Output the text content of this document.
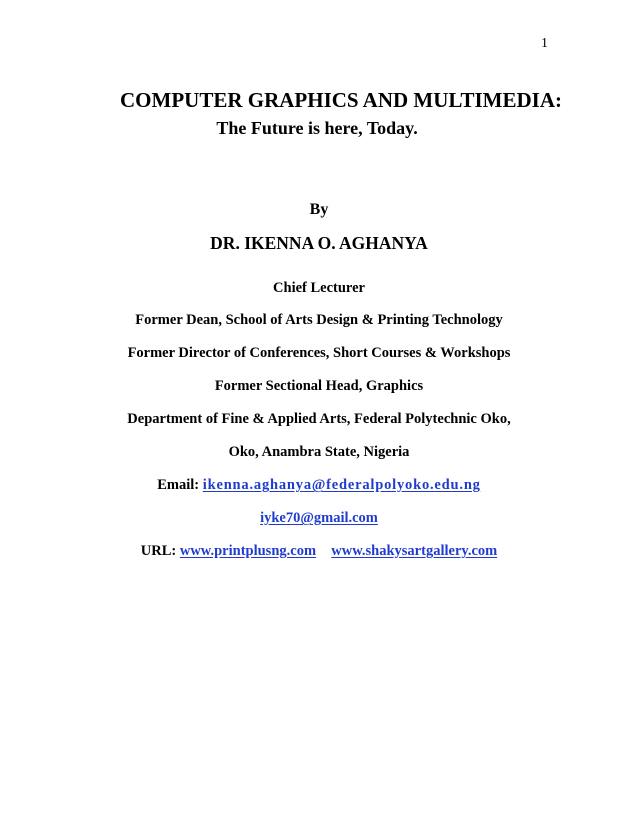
1
COMPUTER GRAPHICS AND MULTIMEDIA:
The Future is here, Today.
By
DR. IKENNA O. AGHANYA
Chief Lecturer
Former Dean, School of Arts Design & Printing Technology
Former Director of Conferences, Short Courses & Workshops
Former Sectional Head, Graphics
Department of Fine & Applied Arts, Federal Polytechnic Oko,
Oko, Anambra State, Nigeria
Email: ikenna.aghanya@federalpolyoko.edu.ng
iyke70@gmail.com
URL: www.printplusng.com www.shakysartgallery.com
